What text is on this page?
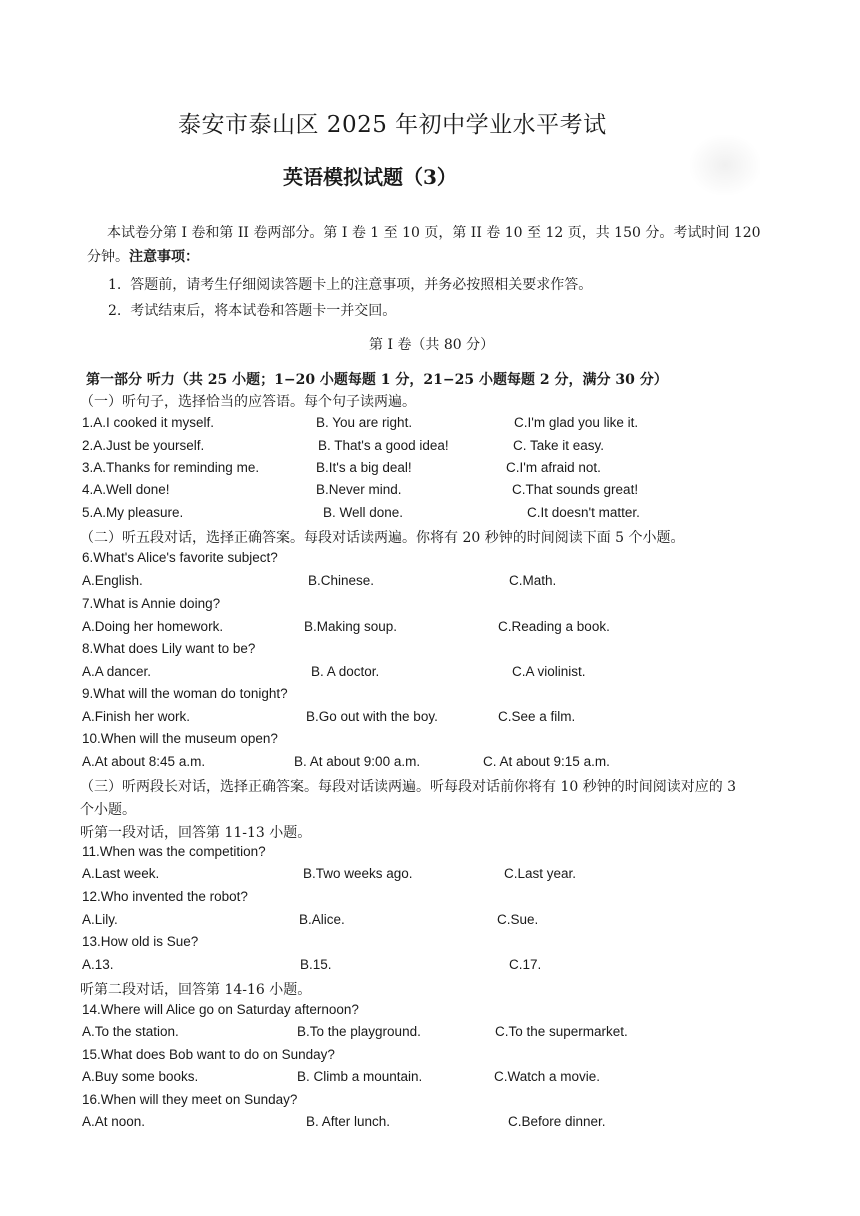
泰安市泰山区 2025 年初中学业水平考试
英语模拟试题（3）
本试卷分第 I 卷和第 II 卷两部分。第 I 卷 1 至 10 页，第 II 卷 10 至 12 页，共 150 分。考试时间 120
分钟。注意事项：
1. 答题前，请考生仔细阅读答题卡上的注意事项，并务必按照相关要求作答。
2. 考试结束后，将本试卷和答题卡一并交回。
第 I 卷（共 80 分）
第一部分 听力（共 25 小题；1−20 小题每题 1 分，21−25 小题每题 2 分，满分 30 分）
（一）听句子，选择恰当的应答语。每个句子读两遍。
1.A.I cooked it myself.	B. You are right.	C.I'm glad you like it.
2.A.Just be yourself.	B. That's a good idea!	C. Take it easy.
3.A.Thanks for reminding me.	B.It's a big deal!	C.I'm afraid not.
4.A.Well done!	B.Never mind.	C.That sounds great!
5.A.My pleasure.	B. Well done.	C.It doesn't matter.
（二）听五段对话，选择正确答案。每段对话读两遍。你将有 20 秒钟的时间阅读下面 5 个小题。
6.What's Alice's favorite subject?
A.English.	B.Chinese.	C.Math.
7.What is Annie doing?
A.Doing her homework.	B.Making soup.	C.Reading a book.
8.What does Lily want to be?
A.A dancer.	B. A doctor.	C.A violinist.
9.What will the woman do tonight?
A.Finish her work.	B.Go out with the boy.	C.See a film.
10.When will the museum open?
A.At about 8:45 a.m.	B. At about 9:00 a.m.	C. At about 9:15 a.m.
（三）听两段长对话，选择正确答案。每段对话读两遍。听每段对话前你将有 10 秒钟的时间阅读对应的 3
个小题。
听第一段对话，回答第 11-13 小题。
11.When was the competition?
A.Last week.	B.Two weeks ago.	C.Last year.
12.Who invented the robot?
A.Lily.	B.Alice.	C.Sue.
13.How old is Sue?
A.13.	B.15.	C.17.
听第二段对话，回答第 14-16 小题。
14.Where will Alice go on Saturday afternoon?
A.To the station.	B.To the playground.	C.To the supermarket.
15.What does Bob want to do on Sunday?
A.Buy some books.	B. Climb a mountain.	C.Watch a movie.
16.When will they meet on Sunday?
A.At noon.	B. After lunch.	C.Before dinner.
